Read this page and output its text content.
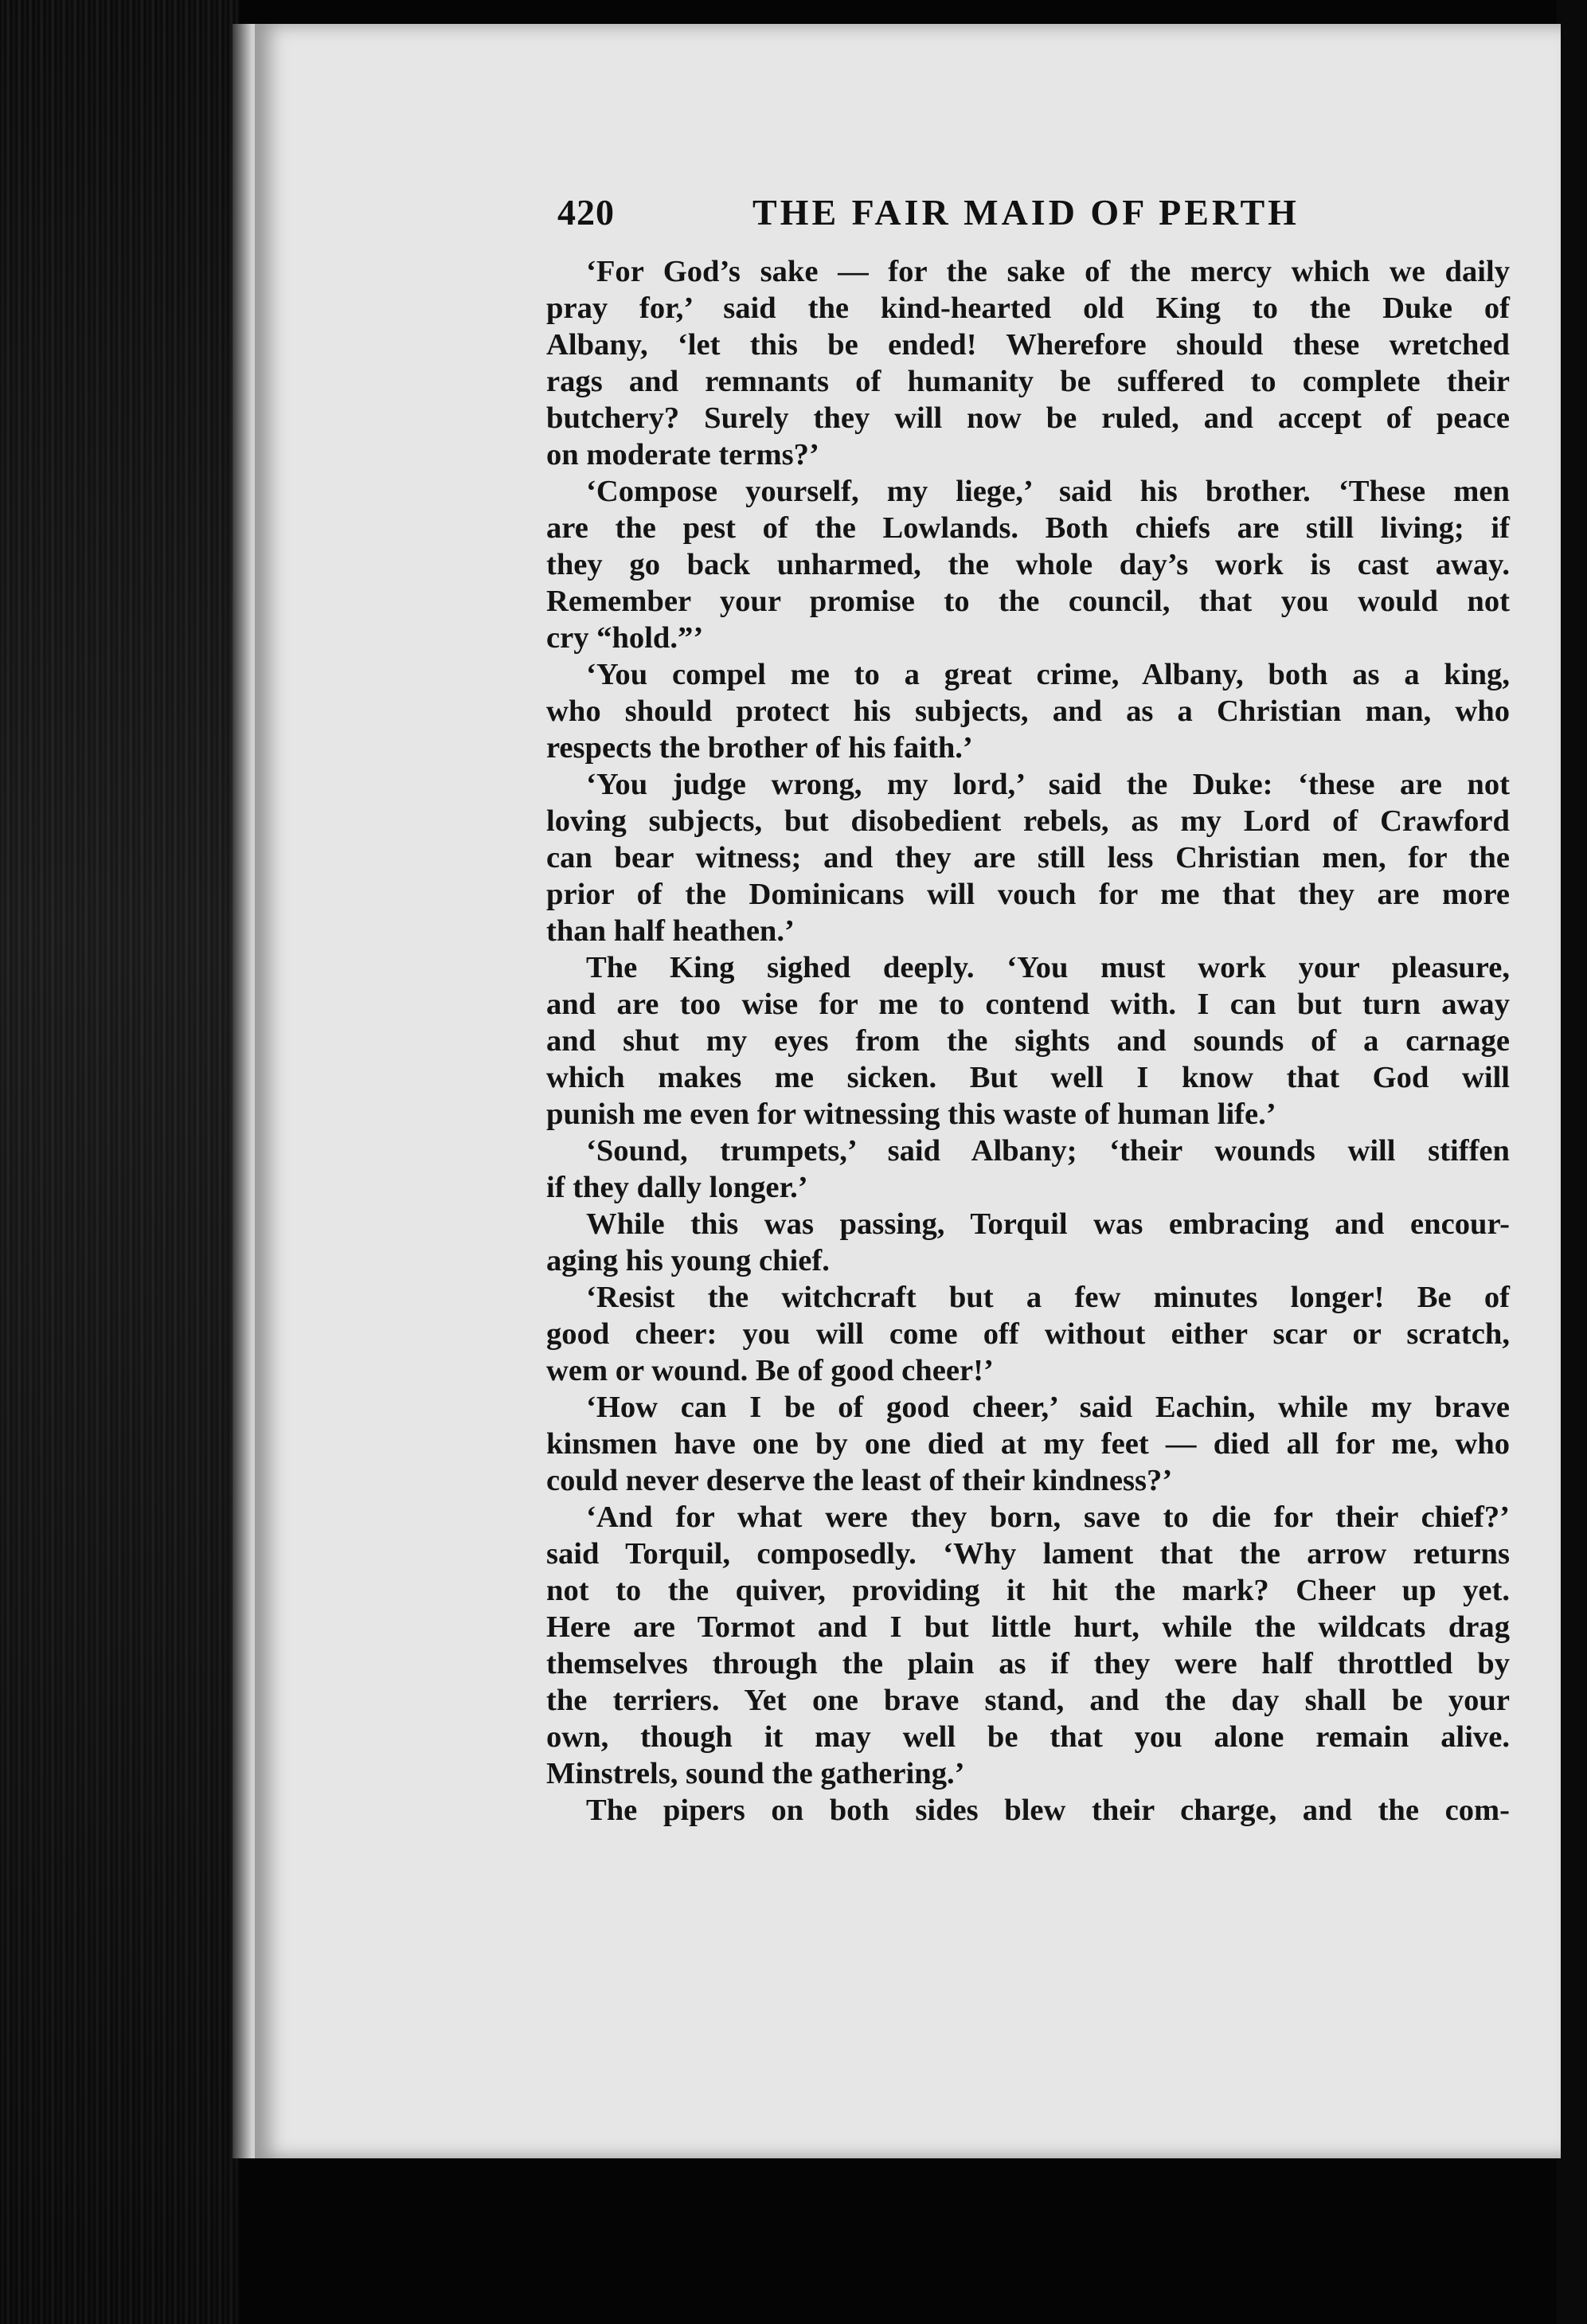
420	THE FAIR MAID OF PERTH
‘For God’s sake — for the sake of the mercy which we daily
pray for,’ said the kind-hearted old King to the Duke of
Albany, ‘let this be ended! Wherefore should these wretched
rags and remnants of humanity be suffered to complete their
butchery? Surely they will now be ruled, and accept of peace
on moderate terms?’
‘Compose yourself, my liege,’ said his brother. ‘These men
are the pest of the Lowlands. Both chiefs are still living; if
they go back unharmed, the whole day’s work is cast away.
Remember your promise to the council, that you would not
cry “hold.”’
‘You compel me to a great crime, Albany, both as a king,
who should protect his subjects, and as a Christian man, who
respects the brother of his faith.’
‘You judge wrong, my lord,’ said the Duke: ‘these are not
loving subjects, but disobedient rebels, as my Lord of Crawford
can bear witness; and they are still less Christian men, for the
prior of the Dominicans will vouch for me that they are more
than half heathen.’
The King sighed deeply. ‘You must work your pleasure,
and are too wise for me to contend with. I can but turn away
and shut my eyes from the sights and sounds of a carnage
which makes me sicken. But well I know that God will
punish me even for witnessing this waste of human life.’
‘Sound, trumpets,’ said Albany; ‘their wounds will stiffen
if they dally longer.’
While this was passing, Torquil was embracing and encour-
aging his young chief.
‘Resist the witchcraft but a few minutes longer! Be of
good cheer: you will come off without either scar or scratch,
wem or wound. Be of good cheer!’
‘How can I be of good cheer,’ said Eachin, while my brave
kinsmen have one by one died at my feet — died all for me, who
could never deserve the least of their kindness?’
‘And for what were they born, save to die for their chief?’
said Torquil, composedly. ‘Why lament that the arrow returns
not to the quiver, providing it hit the mark? Cheer up yet.
Here are Tormot and I but little hurt, while the wildcats drag
themselves through the plain as if they were half throttled by
the terriers. Yet one brave stand, and the day shall be your
own, though it may well be that you alone remain alive.
Minstrels, sound the gathering.’
The pipers on both sides blew their charge, and the com-
